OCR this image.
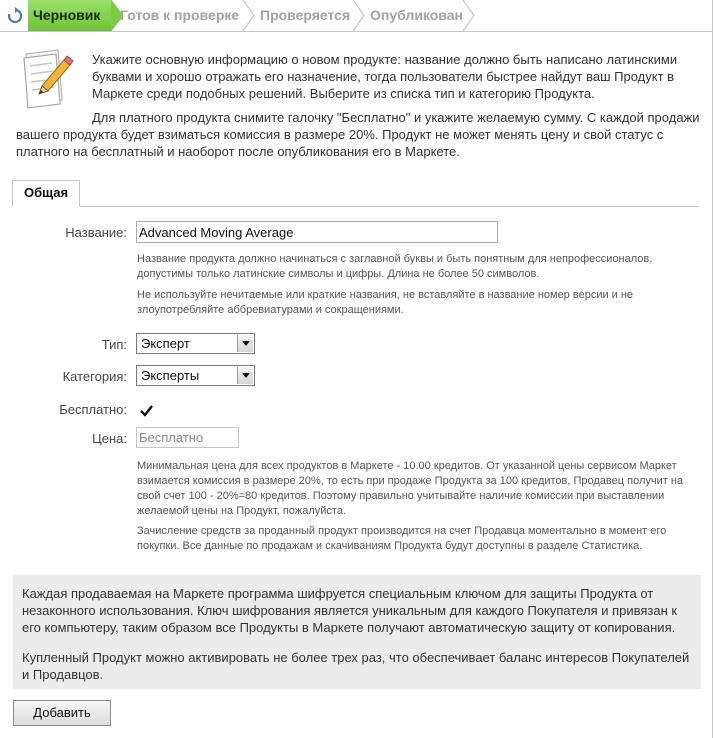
Черновик Готов к проверке Проверяется Опубликован

Укажите основную информацию о новом продукте: название должно быть написано латинскими буквами и хорошо отражать его назначение, тогда пользователи быстрее найдут ваш Продукт в Маркете среди подобных решений. Выберите из списка тип и категорию Продукта.

Для платного продукта снимите галочку "Бесплатно" и укажите желаемую сумму. С каждой продажи вашего продукта будет взиматься комиссия в размере 20%. Продукт не может менять цену и свой статус с платного на бесплатный и наоборот после опубликования его в Маркете.

Общая
Название:
Advanced Moving Average
Название продукта должно начинаться с заглавной буквы и быть понятным для непрофессионалов, допустимы только латинские символы и цифры. Длина не более 50 символов.
Не используйте нечитаемые или краткие названия, не вставляйте в название номер версии и не злоупотребляйте аббревиатурами и сокращениями.
Тип:	Эксперт
Категория:	Эксперты
Бесплатно:
Цена: Бесплатно
Минимальная цена для всех продуктов в Маркете - 10.00 кредитов. От указанной цены сервисом Маркет взимается комиссия в размере 20%, то есть при продаже Продукта за 100 кредитов, Продавец получит на свой счет 100 - 20%=80 кредитов. Поэтому правильно учитывайте наличие комиссии при выставлении желаемой цены на Продукт, пожалуйста.
Зачисление средств за проданный продукт производится на счет Продавца моментально в момент его покупки. Все данные по продажам и скачиваниям Продукта будут доступны в разделе Статистика.

Каждая продаваемая на Маркете программа шифруется специальным ключом для защиты Продукта от незаконного использования. Ключ шифрования является уникальным для каждого Покупателя и привязан к его компьютеру, таким образом все Продукты в Маркете получают автоматическую защиту от копирования.

Купленный Продукт можно активировать не более трех раз, что обеспечивает баланс интересов Покупателей и Продавцов.

Добавить
